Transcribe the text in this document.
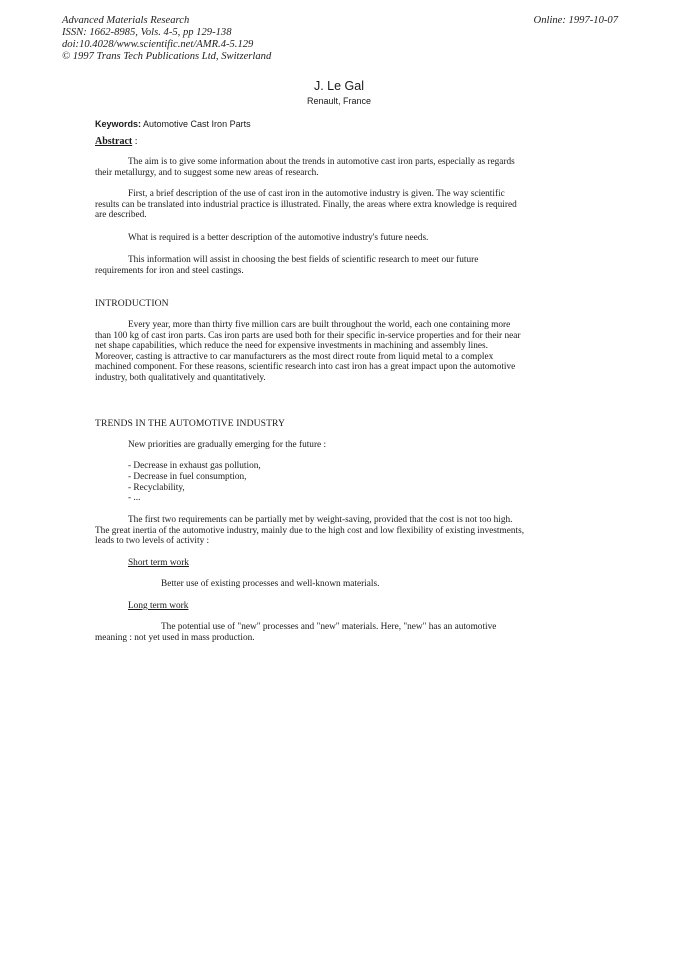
Advanced Materials Research
ISSN: 1662-8985, Vols. 4-5, pp 129-138
doi:10.4028/www.scientific.net/AMR.4-5.129
© 1997 Trans Tech Publications Ltd, Switzerland
Online: 1997-10-07
J. Le Gal
Renault, France
Keywords: Automotive Cast Iron Parts
Abstract :
The aim is to give some information about the trends in automotive cast iron parts, especially as regards their metallurgy, and to suggest some new areas of research.
First, a brief description of the use of cast iron in the automotive industry is given. The way scientific results can be translated into industrial practice is illustrated. Finally, the areas where extra knowledge is required are described.
What is required is a better description of the automotive industry's future needs.
This information will assist in choosing the best fields of scientific research to meet our future requirements for iron and steel castings.
INTRODUCTION
Every year, more than thirty five million cars are built throughout the world, each one containing more than 100 kg of cast iron parts. Cas iron parts are used both for their specific in-service properties and for their near net shape capabilities, which reduce the need for expensive investments in machining and assembly lines. Moreover, casting is attractive to car manufacturers as the most direct route from liquid metal to a complex machined component. For these reasons, scientific research into cast iron has a great impact upon the automotive industry, both qualitatively and quantitatively.
TRENDS IN THE AUTOMOTIVE INDUSTRY
New priorities are gradually emerging for the future :
- Decrease in exhaust gas pollution,
- Decrease in fuel consumption,
- Recyclability,
- ...
The first two requirements can be partially met by weight-saving, provided that the cost is not too high. The great inertia of the automotive industry, mainly due to the high cost and low flexibility of existing investments, leads to two levels of activity :
Short term work
Better use of existing processes and well-known materials.
Long term work
The potential use of "new" processes and "new" materials. Here, "new" has an automotive meaning : not yet used in mass production.
